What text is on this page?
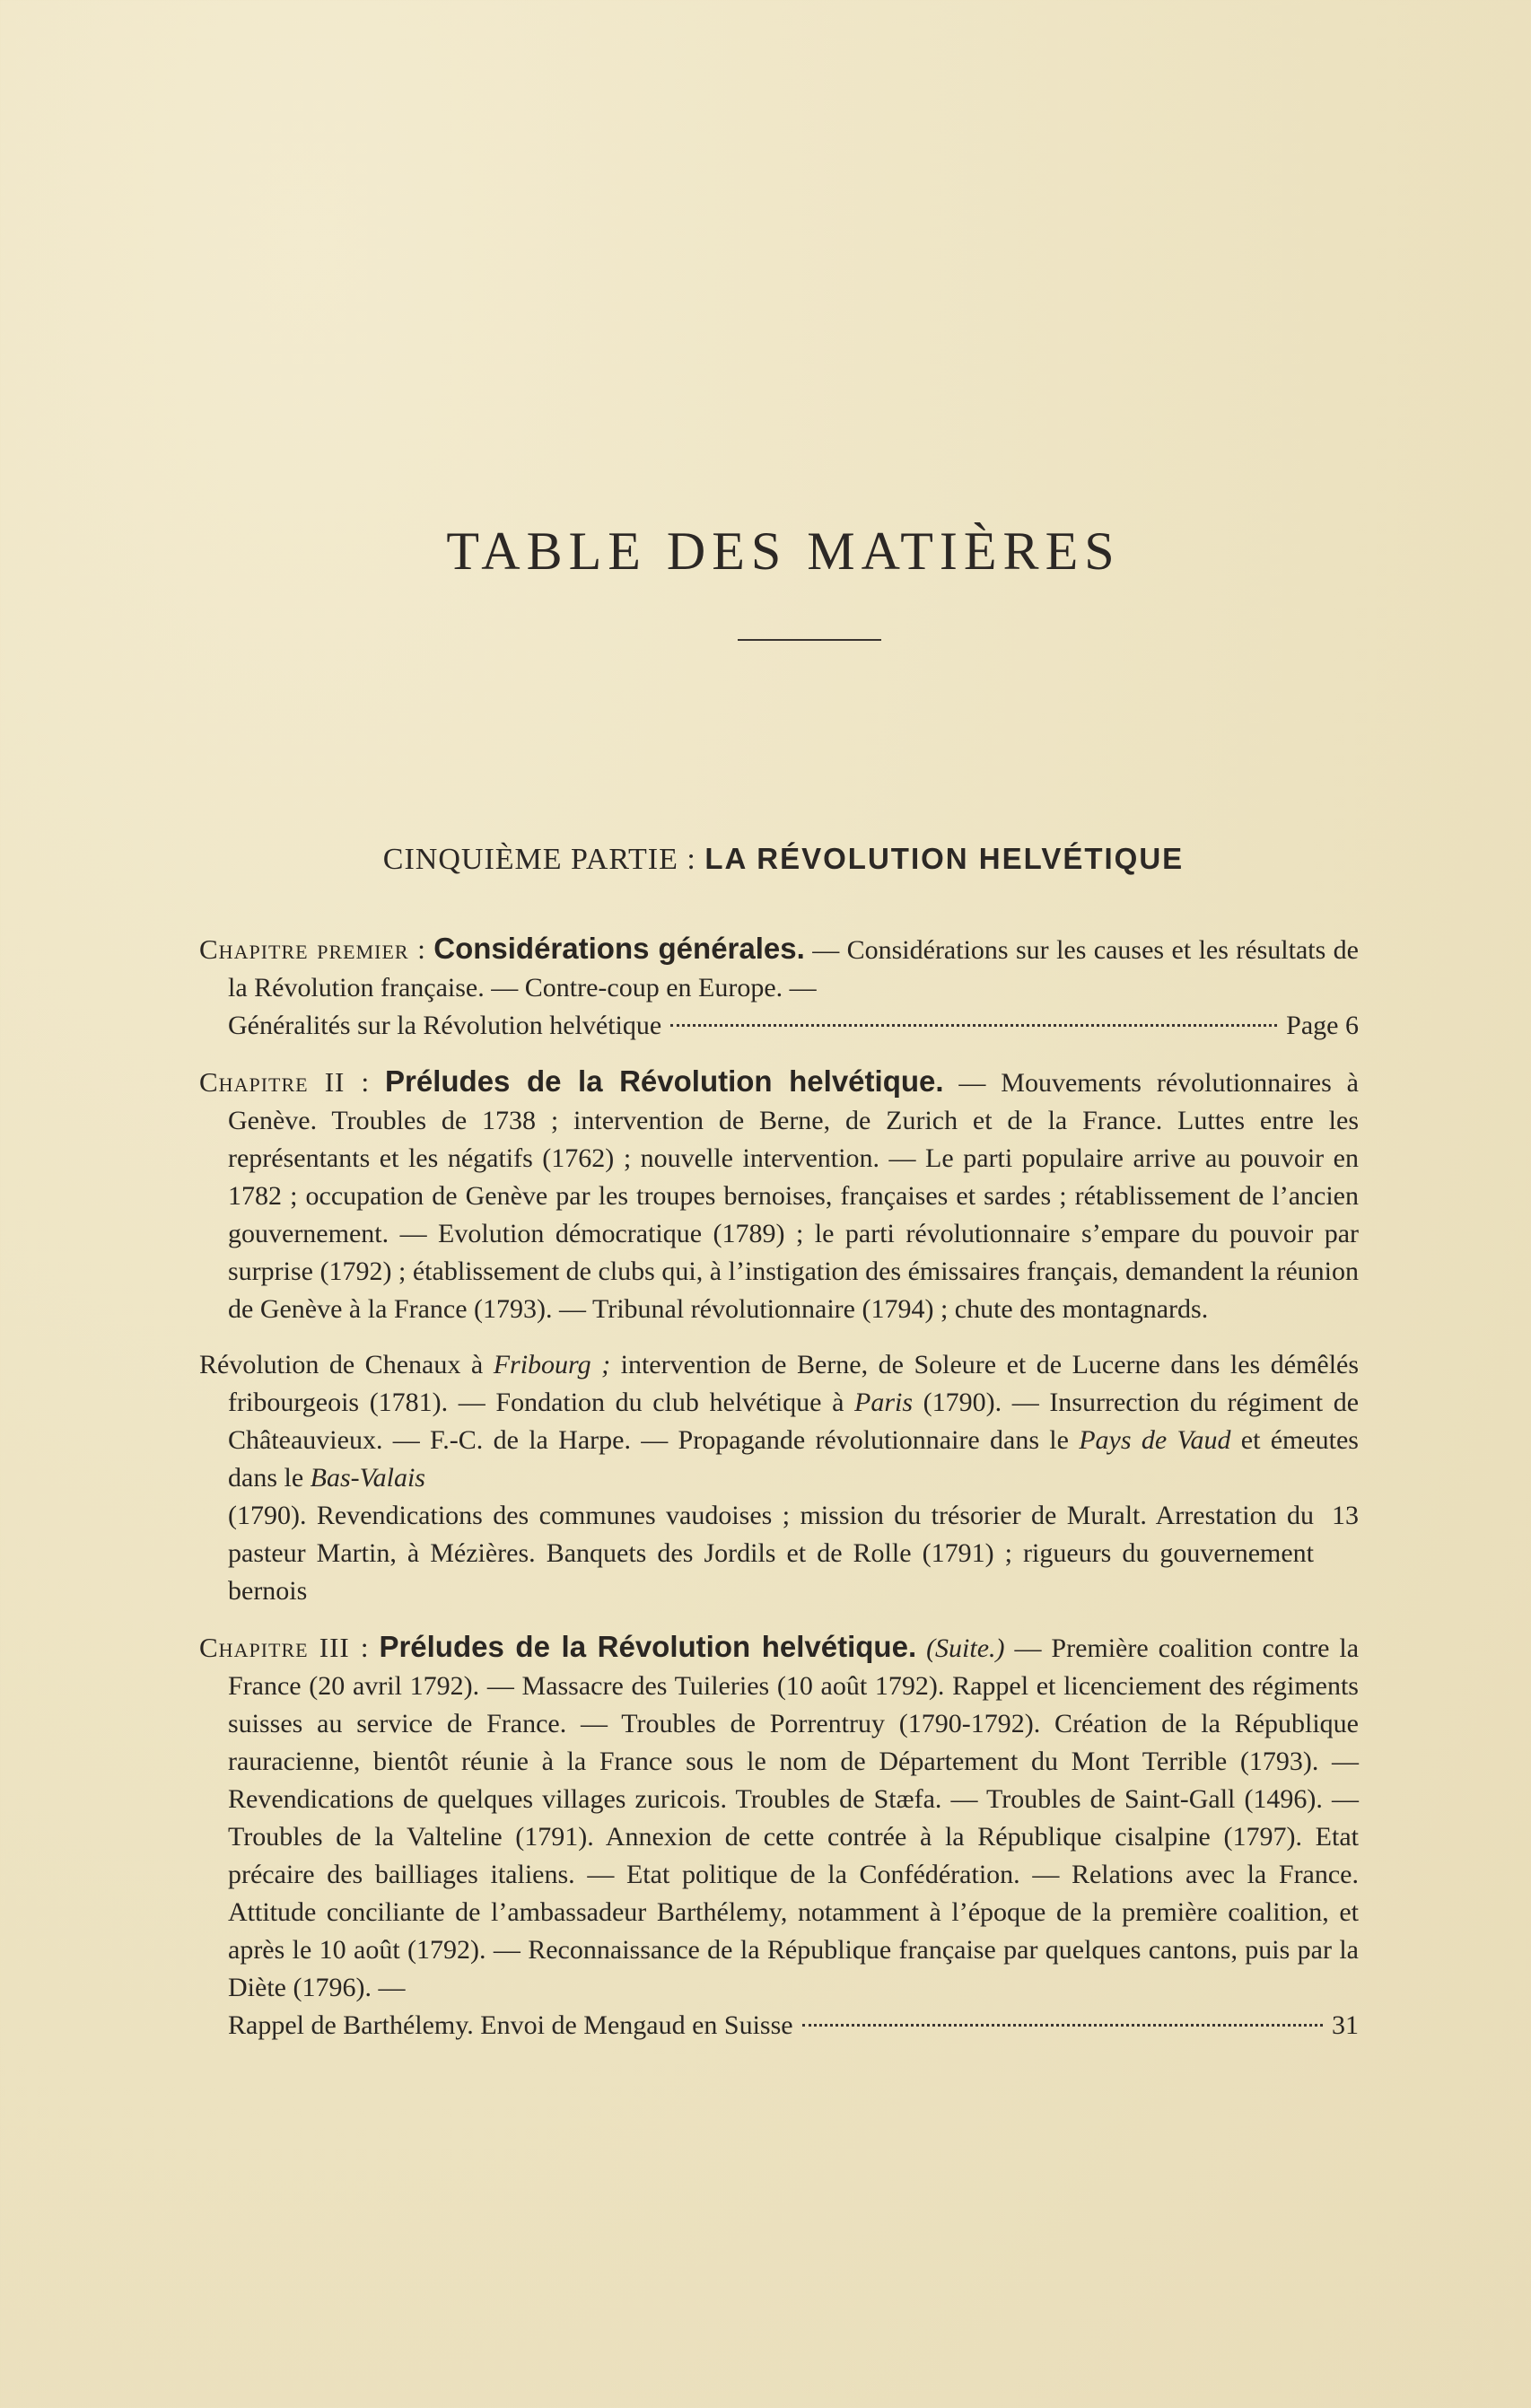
TABLE DES MATIÈRES
CINQUIÈME PARTIE : LA RÉVOLUTION HELVÉTIQUE
Chapitre premier : Considérations générales. — Considérations sur les causes et les résultats de la Révolution française. — Contre-coup en Europe. —
Généralités sur la Révolution helvétique	Page 6
Chapitre II : Préludes de la Révolution helvétique. — Mouvements révolutionnaires à Genève. Troubles de 1738 ; intervention de Berne, de Zurich et de la France. Luttes entre les représentants et les négatifs (1762) ; nouvelle intervention. — Le parti populaire arrive au pouvoir en 1782 ; occupation de Genève par les troupes bernoises, françaises et sardes ; rétablissement de l’ancien gouvernement. — Evolution démocratique (1789) ; le parti révolutionnaire s’empare du pouvoir par surprise (1792) ; établissement de clubs qui, à l’instigation des émissaires français, demandent la réunion de Genève à la France (1793). — Tribunal révolutionnaire (1794) ; chute des montagnards.
Révolution de Chenaux à Fribourg ; intervention de Berne, de Soleure et de Lucerne dans les démêlés fribourgeois (1781). — Fondation du club helvétique à Paris (1790). — Insurrection du régiment de Châteauvieux. — F.-C. de la Harpe. — Propagande révolutionnaire dans le Pays de Vaud et émeutes dans le Bas-Valais
(1790). Revendications des communes vaudoises ; mission du trésorier de Muralt. Arrestation du pasteur Martin, à Mézières. Banquets des Jordils et de Rolle (1791) ; rigueurs du gouvernement bernois
13
Chapitre III : Préludes de la Révolution helvétique. (Suite.) — Première coalition contre la France (20 avril 1792). — Massacre des Tuileries (10 août 1792). Rappel et licenciement des régiments suisses au service de France. — Troubles de Porrentruy (1790-1792). Création de la République rauracienne, bientôt réunie à la France sous le nom de Département du Mont Terrible (1793). — Revendications de quelques villages zuricois. Troubles de Stæfa. — Troubles de Saint-Gall (1496). — Troubles de la Valteline (1791). Annexion de cette contrée à la République cisalpine (1797). Etat précaire des bailliages italiens. — Etat politique de la Confédération. — Relations avec la France. Attitude conciliante de l’ambassadeur Barthélemy, notamment à l’époque de la première coalition, et après le 10 août (1792). — Reconnaissance de la République française par quelques cantons, puis par la Diète (1796). —
Rappel de Barthélemy. Envoi de Mengaud en Suisse	31
